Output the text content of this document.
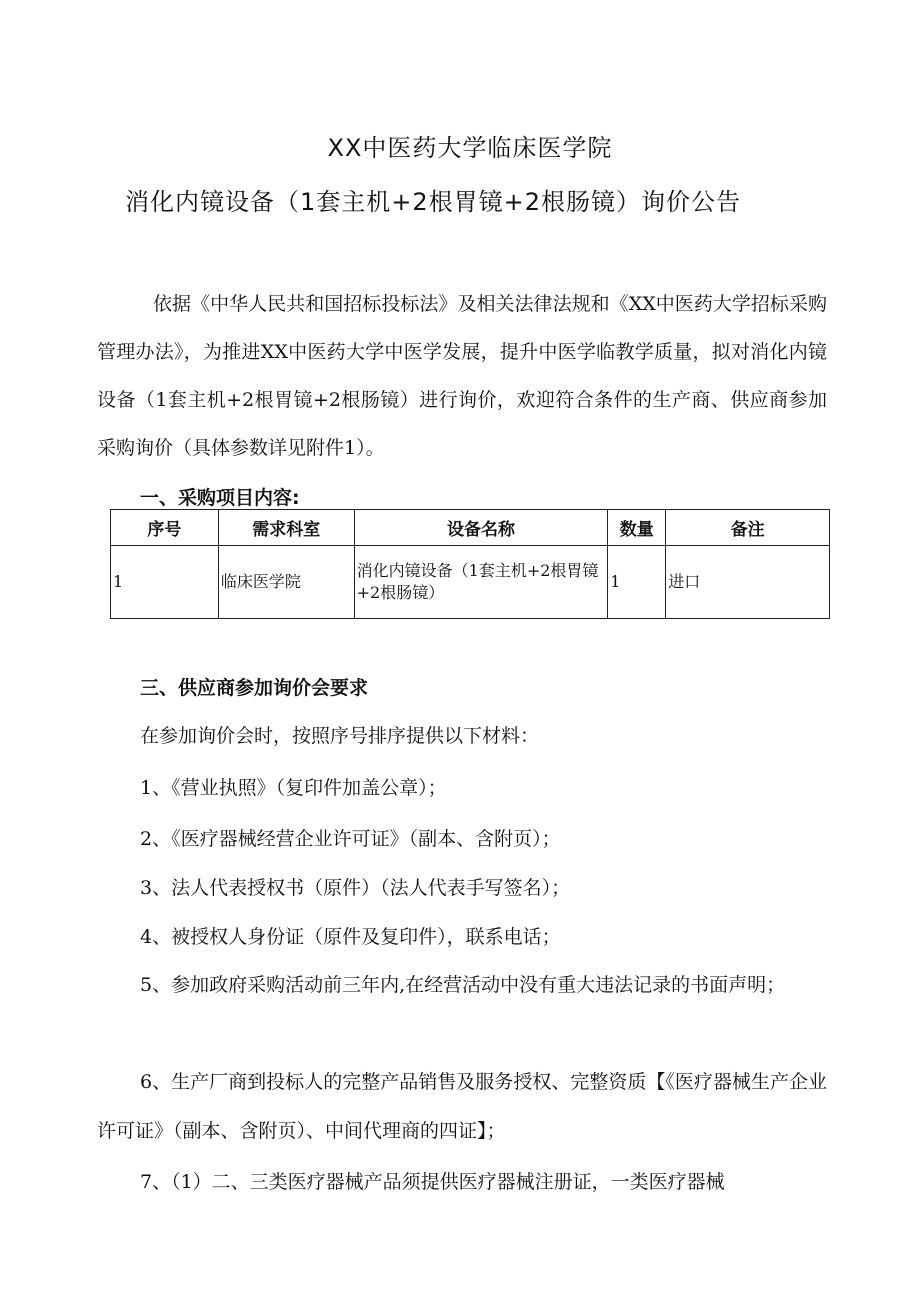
XX中医药大学临床医学院
消化内镜设备（1套主机+2根胃镜+2根肠镜）询价公告
依据《中华人民共和国招标投标法》及相关法律法规和《XX中医药大学招标采购管理办法》，为推进XX中医药大学中医学发展，提升中医学临教学质量，拟对消化内镜设备（1套主机+2根胃镜+2根肠镜）进行询价，欢迎符合条件的生产商、供应商参加采购询价（具体参数详见附件1）。
一、采购项目内容:
序号	需求科室	设备名称	数量	备注
1	临床医学院	消化内镜设备（1套主机+2根胃镜+2根肠镜）	1	进口
三、供应商参加询价会要求
在参加询价会时，按照序号排序提供以下材料：
1、《营业执照》（复印件加盖公章）；
2、《医疗器械经营企业许可证》（副本、含附页）；
3、法人代表授权书（原件）（法人代表手写签名）；
4、被授权人身份证（原件及复印件），联系电话；
5、参加政府采购活动前三年内,在经营活动中没有重大违法记录的书面声明；
6、生产厂商到投标人的完整产品销售及服务授权、完整资质【《医疗器械生产企业许可证》（副本、含附页）、中间代理商的四证】；
7、（1）二、三类医疗器械产品须提供医疗器械注册证，一类医疗器械
